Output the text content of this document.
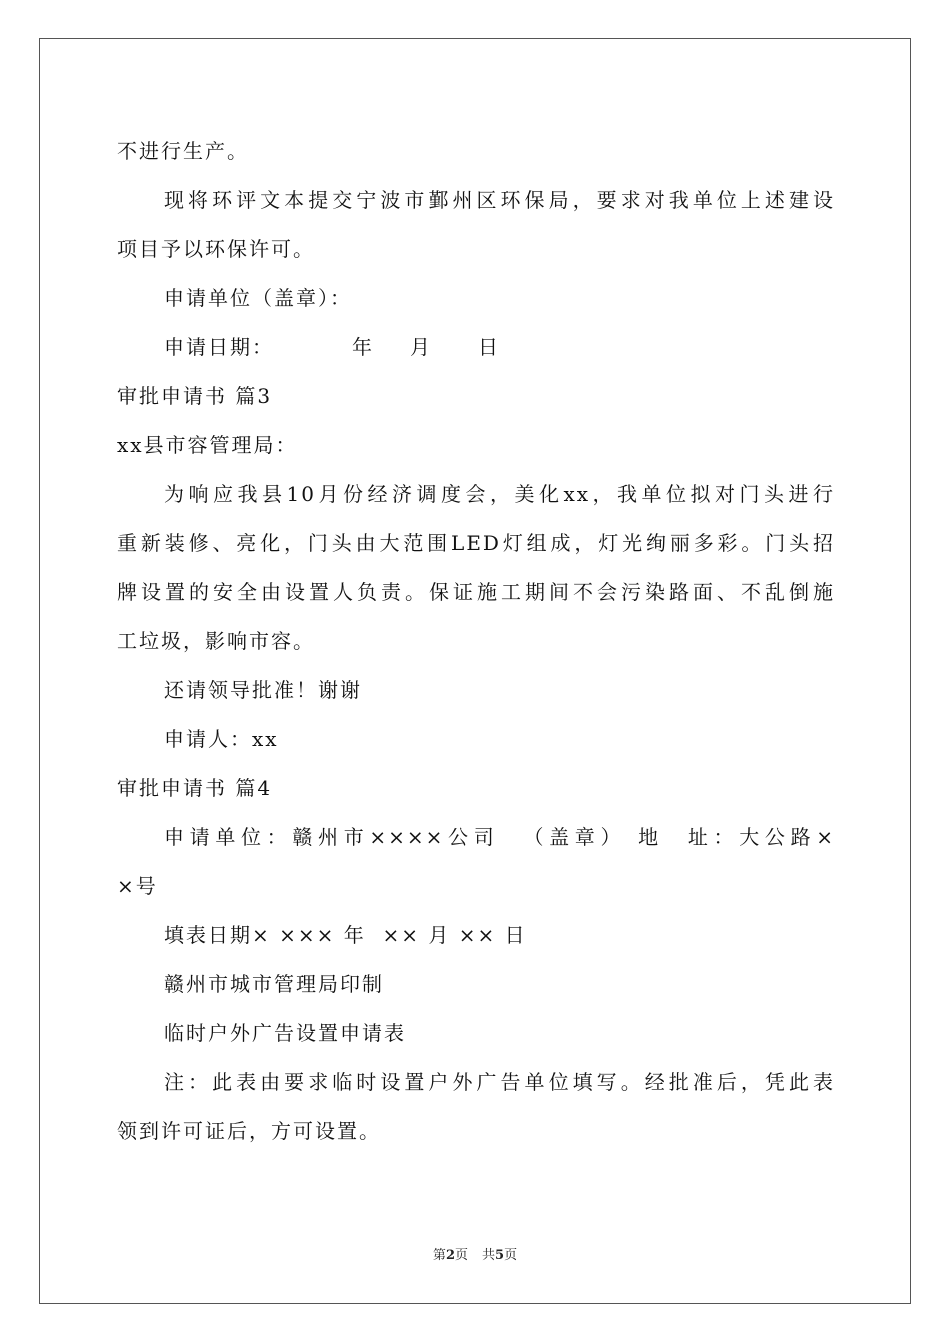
不进行生产。
现将环评文本提交宁波市鄞州区环保局，要求对我单位上述建设
项目予以环保许可。
申请单位（盖章）：
申请日期：	年 月 日
审批申请书 篇3
xx县市容管理局：
为响应我县10月份经济调度会，美化xx，我单位拟对门头进行
重新装修、亮化，门头由大范围LED灯组成，灯光绚丽多彩。门头招
牌设置的安全由设置人负责。保证施工期间不会污染路面、不乱倒施
工垃圾，影响市容。
还请领导批准！谢谢
申请人：xx
审批申请书 篇4
申请单位：赣州市××××公司  （盖章） 地  址：大公路×
×号
填表日期× ××× 年  ×× 月 ×× 日
赣州市城市管理局印制
临时户外广告设置申请表
注：此表由要求临时设置户外广告单位填写。经批准后，凭此表
领到许可证后，方可设置。
第2页 共5页
